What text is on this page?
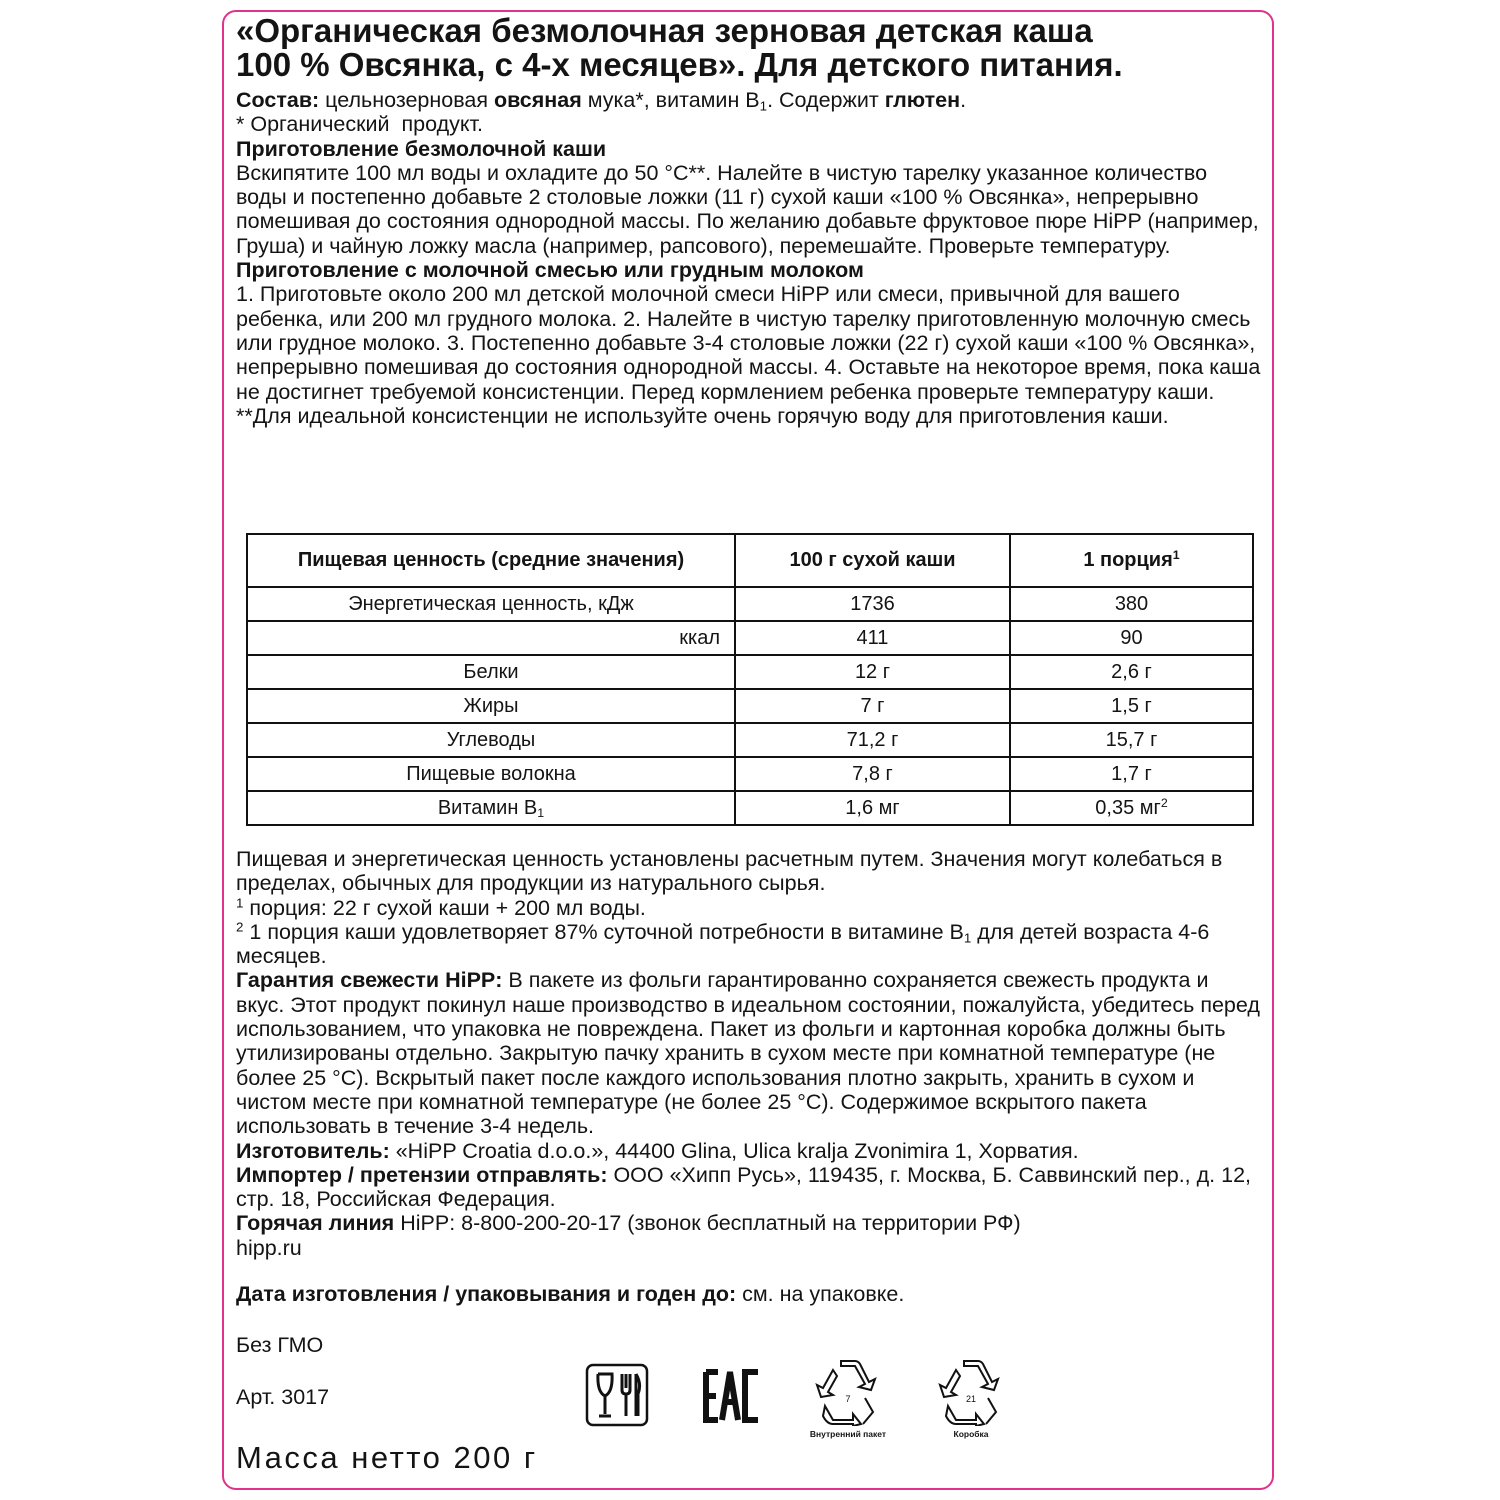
«Органическая безмолочная зерновая детская каша
100 % Овсянка, с 4-х месяцев». Для детского питания.

Состав: цельнозерновая овсяная мука*, витамин $B_1$. Содержит глютен.

* Органический  продукт.

Приготовление безмолочной каши

Вскипятите 100 мл воды и охладите до 50 °С**. Налейте в чистую тарелку указанное количество воды и постепенно добавьте 2 столовые ложки (11 г) сухой каши «100 % Овсянка», непрерывно помешивая до состояния однородной массы. По желанию добавьте фруктовое пюре HiPP (например, Груша) и чайную ложку масла (например, рапсового), перемешайте. Проверьте температуру.

Приготовление с молочной смесью или грудным молоком

1. Приготовьте около 200 мл детской молочной смеси HiPP или смеси, привычной для вашего ребенка, или 200 мл грудного молока. 2. Налейте в чистую тарелку приготовленную молочную смесь или грудное молоко. 3. Постепенно добавьте 3-4 столовые ложки (22 г) сухой каши «100 % Овсянка», непрерывно помешивая до состояния однородной массы. 4. Оставьте на некоторое время, пока каша не достигнет требуемой консистенции. Перед кормлением ребенка проверьте температуру каши.

**Для идеальной консистенции не используйте очень горячую воду для приготовления каши.

Пищевая ценность (средние значения)	100 г сухой каши	1 порция$^1$
Энергетическая ценность, кДж	1736	380
ккал	411	90
Белки	12 г	2,6 г
Жиры	7 г	1,5 г
Углеводы	71,2 г	15,7 г
Пищевые волокна	7,8 г	1,7 г
Витамин $B_1$	1,6 мг	0,35 $мг^2$

Пищевая и энергетическая ценность установлены расчетным путем. Значения могут колебаться в пределах, обычных для продукции из натурального сырья.

$^1$ порция: 22 г сухой каши + 200 мл воды.

$^2$ 1 порция каши удовлетворяет 87% суточной потребности в витамине $B_1$ для детей возраста 4-6 месяцев.

Гарантия свежести HiPP: В пакете из фольги гарантированно сохраняется свежесть продукта и вкус. Этот продукт покинул наше производство в идеальном состоянии, пожалуйста, убедитесь перед использованием, что упаковка не повреждена. Пакет из фольги и картонная коробка должны быть утилизированы отдельно. Закрытую пачку хранить в сухом месте при комнатной температуре (не более 25 °С). Вскрытый пакет после каждого использования плотно закрыть, хранить в сухом и чистом месте при комнатной температуре (не более 25 °С). Содержимое вскрытого пакета использовать в течение 3-4 недель.

Изготовитель: «HiPP Croatia d.o.o.», 44400 Glina, Ulica kralja Zvonimira 1, Хорватия.

Импортер / претензии отправлять: ООО «Хипп Русь», 119435, г. Москва, Б. Саввинский пер., д. 12, стр. 18, Российская Федерация.

Горячая линия HiPP: 8-800-200-20-17 (звонок бесплатный на территории РФ)

hipp.ru

Дата изготовления / упаковывания и годен до: см. на упаковке.

Без ГМО
Арт. 3017
Масса нетто 200 г
EAC
7
Внутренний пакет
21
Коробка
